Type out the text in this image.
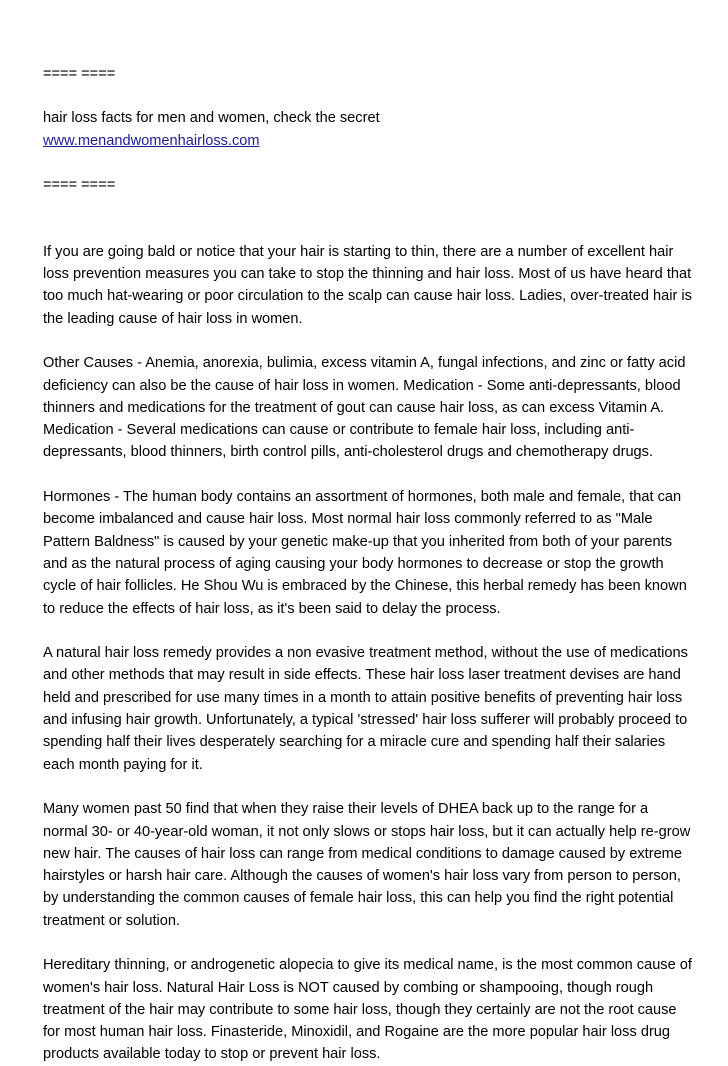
==== ====

hair loss facts for men and women, check the secret

www.menandwomenhairloss.com

==== ====

If you are going bald or notice that your hair is starting to thin, there are a number of excellent hair loss prevention measures you can take to stop the thinning and hair loss. Most of us have heard that too much hat-wearing or poor circulation to the scalp can cause hair loss. Ladies, over-treated hair is the leading cause of hair loss in women.

Other Causes - Anemia, anorexia, bulimia, excess vitamin A, fungal infections, and zinc or fatty acid deficiency can also be the cause of hair loss in women. Medication - Some anti-depressants, blood thinners and medications for the treatment of gout can cause hair loss, as can excess Vitamin A. Medication - Several medications can cause or contribute to female hair loss, including anti-depressants, blood thinners, birth control pills, anti-cholesterol drugs and chemotherapy drugs.

Hormones - The human body contains an assortment of hormones, both male and female, that can become imbalanced and cause hair loss. Most normal hair loss commonly referred to as "Male Pattern Baldness" is caused by your genetic make-up that you inherited from both of your parents and as the natural process of aging causing your body hormones to decrease or stop the growth cycle of hair follicles. He Shou Wu is embraced by the Chinese, this herbal remedy has been known to reduce the effects of hair loss, as it's been said to delay the process.

A natural hair loss remedy provides a non evasive treatment method, without the use of medications and other methods that may result in side effects. These hair loss laser treatment devises are hand held and prescribed for use many times in a month to attain positive benefits of preventing hair loss and infusing hair growth. Unfortunately, a typical 'stressed' hair loss sufferer will probably proceed to spending half their lives desperately searching for a miracle cure and spending half their salaries each month paying for it.

Many women past 50 find that when they raise their levels of DHEA back up to the range for a normal 30- or 40-year-old woman, it not only slows or stops hair loss, but it can actually help re-grow new hair. The causes of hair loss can range from medical conditions to damage caused by extreme hairstyles or harsh hair care. Although the causes of women's hair loss vary from person to person, by understanding the common causes of female hair loss, this can help you find the right potential treatment or solution.

Hereditary thinning, or androgenetic alopecia to give its medical name, is the most common cause of women's hair loss. Natural Hair Loss is NOT caused by combing or shampooing, though rough treatment of the hair may contribute to some hair loss, though they certainly are not the root cause for most human hair loss. Finasteride, Minoxidil, and Rogaine are the more popular hair loss drug products available today to stop or prevent hair loss.
